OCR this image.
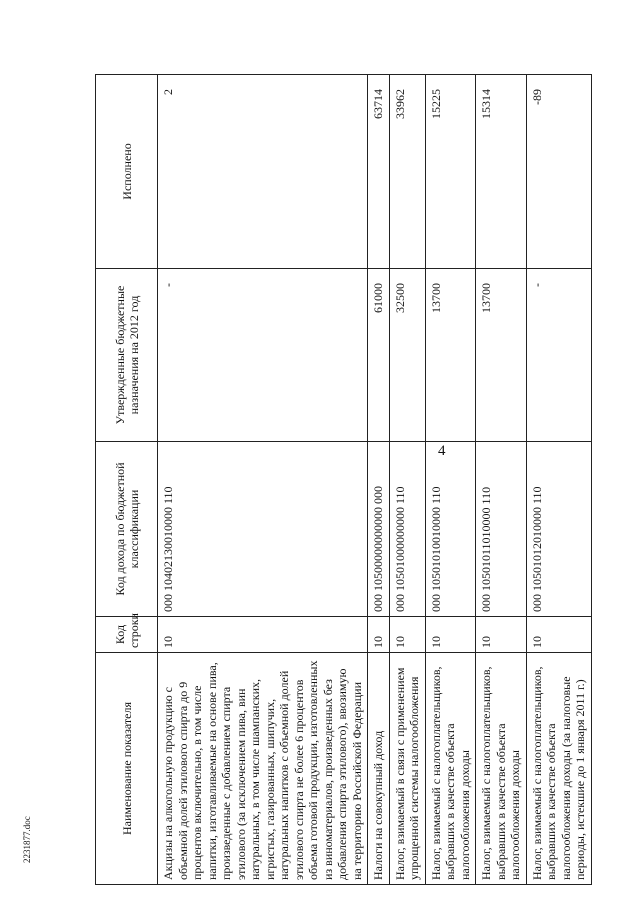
4
Наименование показателя	Код строки	Код дохода по бюджетной классификации	Утвержденные бюджетные назначения на 2012 год	Исполнено
Акцизы на алкогольную продукцию с объемной долей этилового спирта до 9 процентов включительно, в том числе напитки, изготавливаемые на основе пива, произведенные с добавлением спирта этилового (за исключением пива, вин натуральных, в том числе шампанских, игристых, газированных, шипучих, натуральных напитков с объемной долей этилового спирта не более 6 процентов объема готовой продукции, изготовленных из виноматериалов, произведенных без добавления спирта этилового), ввозимую на территорию Российской Федерации	10	000 10402130010000 110	-	2
Налоги на совокупный доход	10	000 10500000000000 000	61000	63714
Налог, взимаемый в связи с применением упрощенной системы налогообложения	10	000 10501000000000 110	32500	33962
Налог, взимаемый с налогоплательщиков, выбравших в качестве объекта налогообложения доходы	10	000 10501010010000 110	13700	15225
Налог, взимаемый с налогоплательщиков, выбравших в качестве объекта налогообложения доходы	10	000 10501011010000 110	13700	15314
Налог, взимаемый с налогоплательщиков, выбравших в качестве объекта налогообложения доходы (за налоговые периоды, истекшие до 1 января 2011 г.)	10	000 10501012010000 110	-	-89
2231877.doc
